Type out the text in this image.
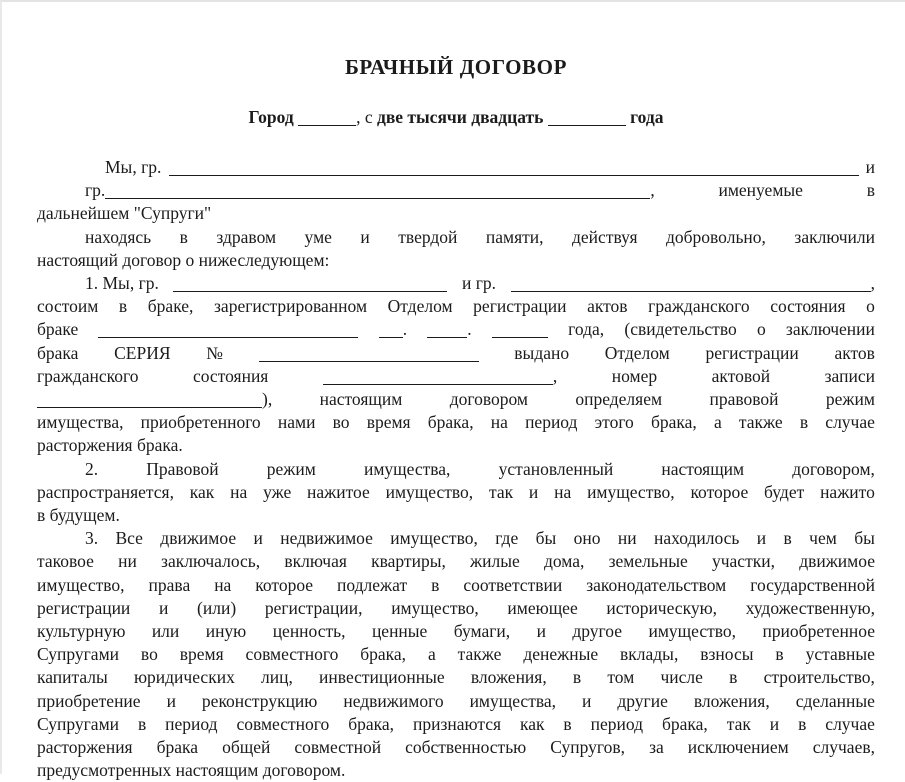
БРАЧНЫЙ ДОГОВОР
Город	, с две тысячи двадцать
	года
Мы, гр.	и
гр.	,	именуемые	в
дальнейшем "Супруги"
находясь в здравом уме и твердой памяти, действуя добровольно, заключили
настоящий договор о нижеследующем:
1. Мы, гр.	и гр.	,
состоим в браке, зарегистрированном Отделом регистрации актов гражданского состояния о
браке	.	.	года, (свидетельство о заключении
брака СЕРИЯ №	выдано Отделом регистрации актов
гражданского	состояния	,	номер	актовой	записи
),	настоящим	договором	определяем	правовой	режим
имущества, приобретенного нами во время брака, на период этого брака, а также в случае
расторжения брака.
2.	Правовой	режим	имущества,	установленный	настоящим	договором,
распространяется, как на уже нажитое имущество, так и на имущество, которое будет нажито
в будущем.
3. Все движимое и недвижимое имущество, где бы оно ни находилось и в чем бы
таковое ни заключалось, включая квартиры, жилые дома, земельные участки, движимое
имущество, права на которое подлежат в соответствии законодательством государственной
регистрации и (или) регистрации, имущество, имеющее историческую, художественную,
культурную или иную ценность, ценные бумаги, и другое имущество, приобретенное
Супругами во время совместного брака, а также денежные вклады, взносы в уставные
капиталы юридических лиц, инвестиционные вложения, в том числе в строительство,
приобретение и реконструкцию недвижимого имущества, и другие вложения, сделанные
Супругами в период совместного брака, признаются как в период брака, так и в случае
расторжения брака общей совместной собственностью Супругов, за исключением случаев,
предусмотренных настоящим договором.
